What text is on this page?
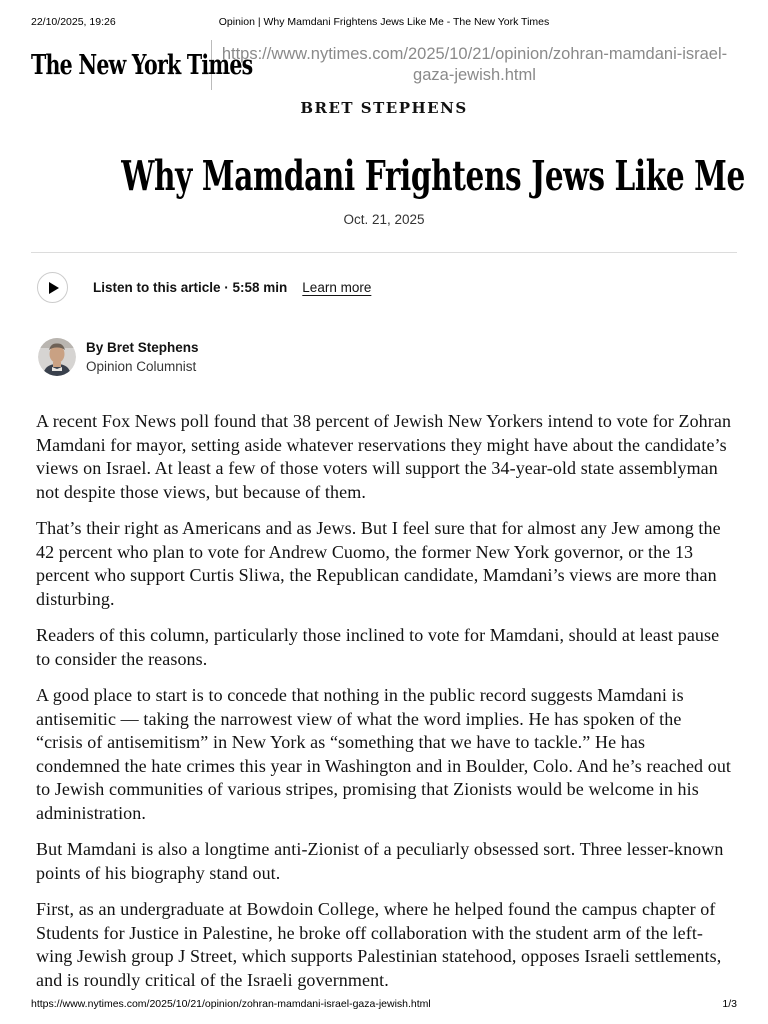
22/10/2025, 19:26	Opinion | Why Mamdani Frightens Jews Like Me - The New York Times
The New York Times
https://www.nytimes.com/2025/10/21/opinion/zohran-mamdani-israel-gaza-jewish.html
BRET STEPHENS
Why Mamdani Frightens Jews Like Me
Oct. 21, 2025
Listen to this article · 5:58 min Learn more
By Bret Stephens
Opinion Columnist

A recent Fox News poll found that 38 percent of Jewish New Yorkers intend to vote for Zohran Mamdani for mayor, setting aside whatever reservations they might have about the candidate’s views on Israel. At least a few of those voters will support the 34-year-old state assemblyman not despite those views, but because of them.

That’s their right as Americans and as Jews. But I feel sure that for almost any Jew among the 42 percent who plan to vote for Andrew Cuomo, the former New York governor, or the 13 percent who support Curtis Sliwa, the Republican candidate, Mamdani’s views are more than disturbing.

Readers of this column, particularly those inclined to vote for Mamdani, should at least pause to consider the reasons.

A good place to start is to concede that nothing in the public record suggests Mamdani is antisemitic — taking the narrowest view of what the word implies. He has spoken of the “crisis of antisemitism” in New York as “something that we have to tackle.” He has condemned the hate crimes this year in Washington and in Boulder, Colo. And he’s reached out to Jewish communities of various stripes, promising that Zionists would be welcome in his administration.

But Mamdani is also a longtime anti-Zionist of a peculiarly obsessed sort. Three lesser-known points of his biography stand out.

First, as an undergraduate at Bowdoin College, where he helped found the campus chapter of Students for Justice in Palestine, he broke off collaboration with the student arm of the left-wing Jewish group J Street, which supports Palestinian statehood, opposes Israeli settlements, and is roundly critical of the Israeli government.

https://www.nytimes.com/2025/10/21/opinion/zohran-mamdani-israel-gaza-jewish.html	1/3
